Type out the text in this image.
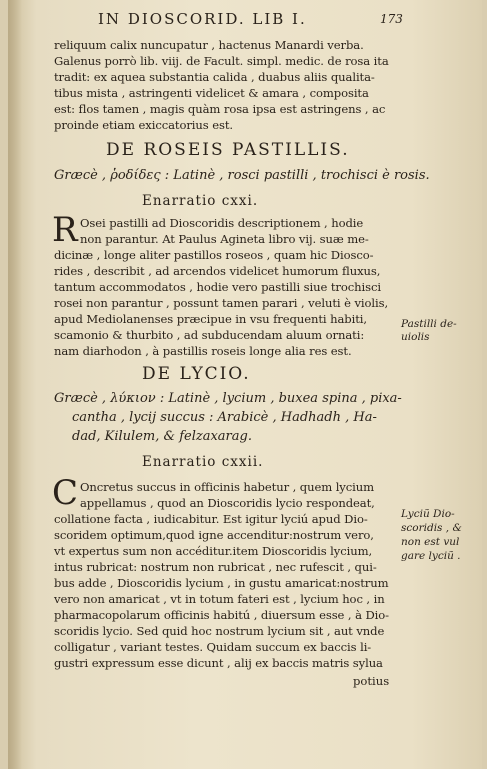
IN DIOSCORID. LIB I.	173
reliquum calix nuncupatur , hactenus Manardi verba.
Galenus porrò lib. viij. de Facult. simpl. medic. de rosa ita
tradit: ex aquea substantia calida , duabus aliis qualita-
tibus mista , astringenti videlicet & amara , composita
est: flos tamen , magis quàm rosa ipsa est astringens , ac
proinde etiam exiccatorius est.
DE ROSEIS PASTILLIS.
Græcè , ῥοδίδες : Latinè , rosci pastilli , trochisci è rosis.
Enarratio cxxi.
R Osei pastilli ad Dioscoridis descriptionem , hodie
non parantur. At Paulus Agineta libro vij. suæ me-
dicinæ , longe aliter pastillos roseos , quam hic Diosco-
rides , describit , ad arcendos videlicet humorum fluxus,
tantum accommodatos , hodie vero pastilli siue trochisci
rosei non parantur , possunt tamen parari , veluti è violis,
apud Mediolanenses præcipue in vsu frequenti habiti,
scamonio & thurbito , ad subducendam aluum ornati:
nam diarhodon , à pastillis roseis longe alia res est.
Pastilli de-
uiolis
DE LYCIO.
Græcè , λύκιον : Latinè , lycium , buxea spina , pixa-
cantha , lycij succus : Arabicè , Hadhadh , Ha-
dad, Kilulem, & felzaxarag.
Enarratio cxxii.
C Oncretus succus in officinis habetur , quem lycium
appellamus , quod an Dioscoridis lycio respondeat,
collatione facta , iudicabitur. Est igitur lyciú apud Dio-
scoridem optimum,quod igne accenditur:nostrum vero,
vt expertus sum non accéditur.item Dioscoridis lycium,
intus rubricat: nostrum non rubricat , nec rufescit , qui-
bus adde , Dioscoridis lycium , in gustu amaricat:nostrum
vero non amaricat , vt in totum fateri est , lycium hoc , in
pharmacopolarum officinis habitú , diuersum esse , à Dio-
scoridis lycio. Sed quid hoc nostrum lycium sit , aut vnde
colligatur , variant testes. Quidam succum ex baccis li-
gustri expressum esse dicunt , alij ex baccis matris sylua
Lyciũ Dio-
scoridis , &
non est vul
gare lyciũ .
potius
